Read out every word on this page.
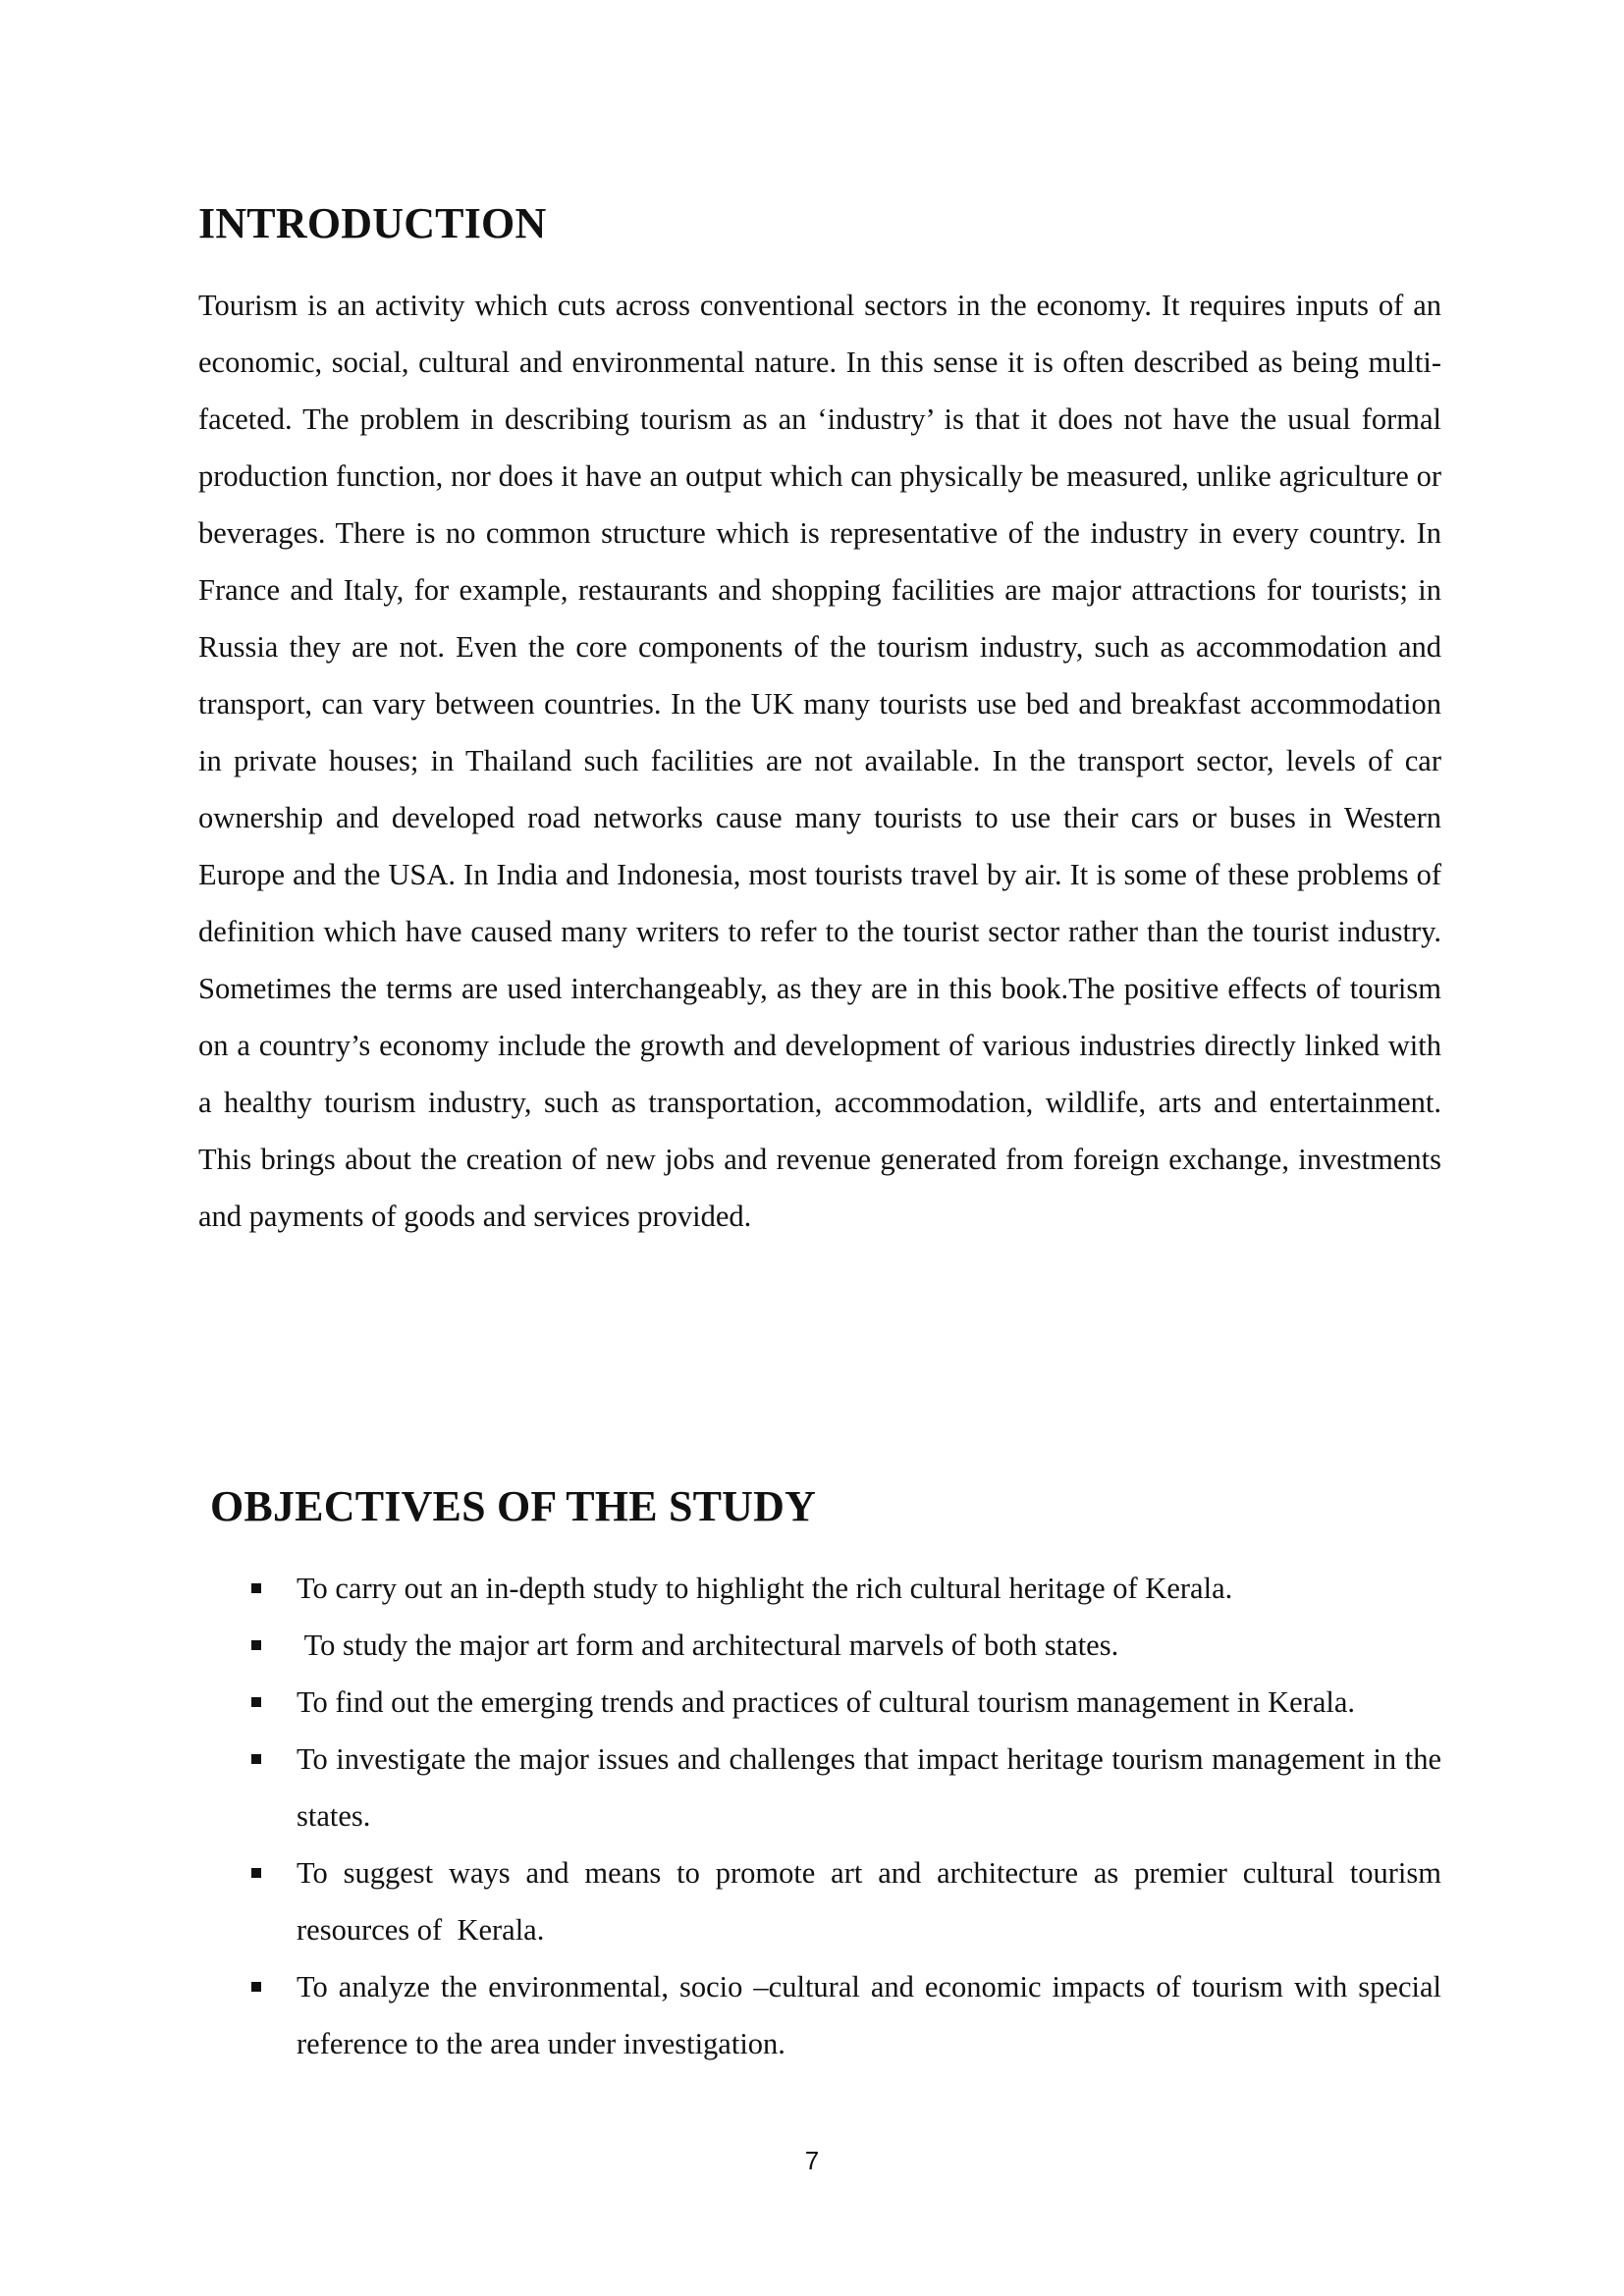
INTRODUCTION

Tourism is an activity which cuts across conventional sectors in the economy. It requires inputs of an economic, social, cultural and environmental nature. In this sense it is often described as being multi-faceted. The problem in describing tourism as an ‘industry’ is that it does not have the usual formal production function, nor does it have an output which can physically be measured, unlike agriculture or beverages. There is no common structure which is representative of the industry in every country. In France and Italy, for example, restaurants and shopping facilities are major attractions for tourists; in Russia they are not. Even the core components of the tourism industry, such as accommodation and transport, can vary between countries. In the UK many tourists use bed and breakfast accommodation in private houses; in Thailand such facilities are not available. In the transport sector, levels of car ownership and developed road networks cause many tourists to use their cars or buses in Western Europe and the USA. In India and Indonesia, most tourists travel by air. It is some of these problems of definition which have caused many writers to refer to the tourist sector rather than the tourist industry. Sometimes the terms are used interchangeably, as they are in this book.The positive effects of tourism on a country’s economy include the growth and development of various industries directly linked with a healthy tourism industry, such as transportation, accommodation, wildlife, arts and entertainment. This brings about the creation of new jobs and revenue generated from foreign exchange, investments and payments of goods and services provided.

OBJECTIVES OF THE STUDY
To carry out an in-depth study to highlight the rich cultural heritage of Kerala.
To study the major art form and architectural marvels of both states.
To find out the emerging trends and practices of cultural tourism management in Kerala.
To investigate the major issues and challenges that impact heritage tourism management in the states.
To suggest ways and means to promote art and architecture as premier cultural tourism resources of  Kerala.
To analyze the environmental, socio –cultural and economic impacts of tourism with special reference to the area under investigation.
7
